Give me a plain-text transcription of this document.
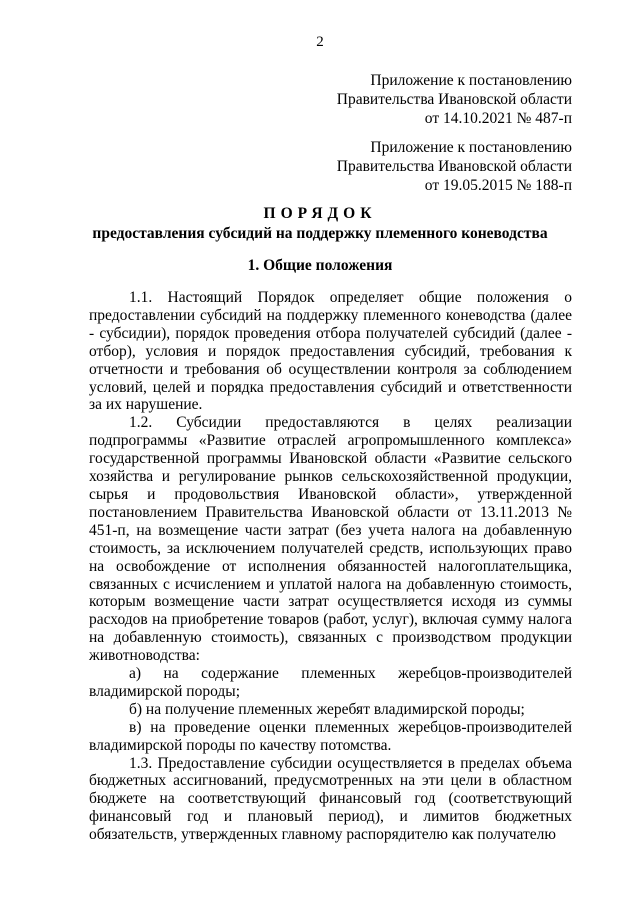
2
Приложение к постановлению
Правительства Ивановской области
от 14.10.2021 № 487-п
Приложение к постановлению
Правительства Ивановской области
от 19.05.2015 № 188-п
ПОРЯДОК
предоставления субсидий на поддержку племенного коневодства
1. Общие положения

1.1. Настоящий Порядок определяет общие положения о предоставлении субсидий на поддержку племенного коневодства (далее - субсидии), порядок проведения отбора получателей субсидий (далее - отбор), условия и порядок предоставления субсидий, требования к отчетности и требования об осуществлении контроля за соблюдением условий, целей и порядка предоставления субсидий и ответственности за их нарушение.

1.2. Субсидии предоставляются в целях реализации подпрограммы «Развитие отраслей агропромышленного комплекса» государственной программы Ивановской области «Развитие сельского хозяйства и регулирование рынков сельскохозяйственной продукции, сырья и продовольствия Ивановской области», утвержденной постановлением Правительства Ивановской области от 13.11.2013 № 451-п, на возмещение части затрат (без учета налога на добавленную стоимость, за исключением получателей средств, использующих право на освобождение от исполнения обязанностей налогоплательщика, связанных с исчислением и уплатой налога на добавленную стоимость, которым возмещение части затрат осуществляется исходя из суммы расходов на приобретение товаров (работ, услуг), включая сумму налога на добавленную стоимость), связанных с производством продукции животноводства:

а) на содержание племенных жеребцов-производителей владимирской породы;

б) на получение племенных жеребят владимирской породы;

в) на проведение оценки племенных жеребцов-производителей владимирской породы по качеству потомства.

1.3. Предоставление субсидии осуществляется в пределах объема бюджетных ассигнований, предусмотренных на эти цели в областном бюджете на соответствующий финансовый год (соответствующий финансовый год и плановый период), и лимитов бюджетных обязательств, утвержденных главному распорядителю как получателю
